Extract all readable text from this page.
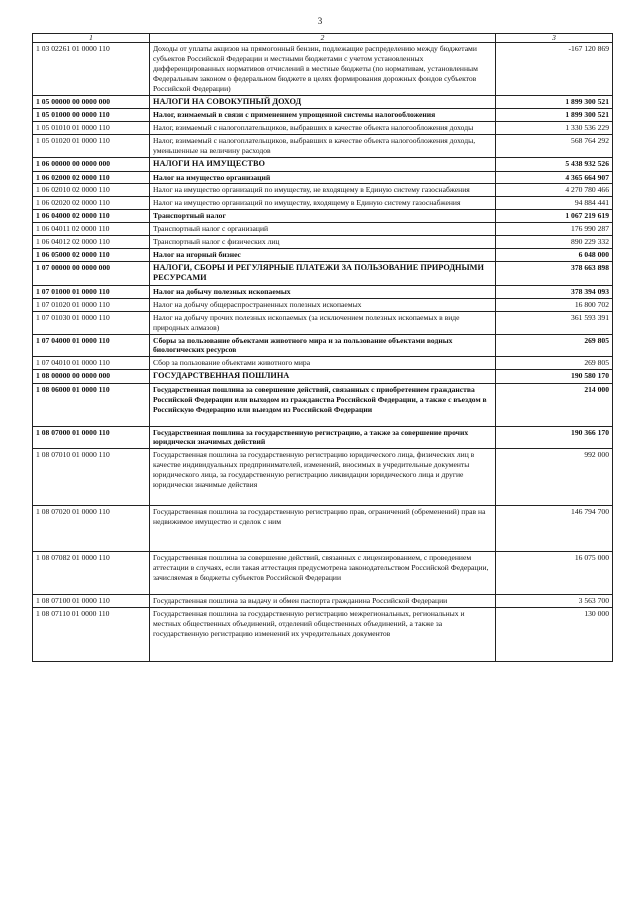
3
1	2	3
1 03 02261 01 0000 110	Доходы от уплаты акцизов на прямогонный бензин, подлежащие распределению между бюджетами субъектов Российской Федерации и местными бюджетами с учетом установленных дифференцированных нормативов отчислений в местные бюджеты (по нормативам, установленным Федеральным законом о федеральном бюджете в целях формирования дорожных фондов субъектов Российской Федерации)	-167 120 869
1 05 00000 00 0000 000	НАЛОГИ НА СОВОКУПНЫЙ ДОХОД	1 899 300 521
1 05 01000 00 0000 110	Налог, взимаемый в связи с применением упрощенной системы налогообложения	1 899 300 521
1 05 01010 01 0000 110	Налог, взимаемый с налогоплательщиков, выбравших в качестве объекта налогообложения доходы	1 330 536 229
1 05 01020 01 0000 110	Налог, взимаемый с налогоплательщиков, выбравших в качестве объекта налогообложения доходы, уменьшенные на величину расходов	568 764 292
1 06 00000 00 0000 000	НАЛОГИ НА ИМУЩЕСТВО	5 438 932 526
1 06 02000 02 0000 110	Налог на имущество организаций	4 365 664 907
1 06 02010 02 0000 110	Налог на имущество организаций по имуществу, не входящему в Единую систему газоснабжения	4 270 780 466
1 06 02020 02 0000 110	Налог на имущество организаций по имуществу, входящему в Единую систему газоснабжения	94 884 441
1 06 04000 02 0000 110	Транспортный налог	1 067 219 619
1 06 04011 02 0000 110	Транспортный налог с организаций	176 990 287
1 06 04012 02 0000 110	Транспортный налог с физических лиц	890 229 332
1 06 05000 02 0000 110	Налог на игорный бизнес	6 048 000
1 07 00000 00 0000 000	НАЛОГИ, СБОРЫ И РЕГУЛЯРНЫЕ ПЛАТЕЖИ ЗА ПОЛЬЗОВАНИЕ ПРИРОДНЫМИ РЕСУРСАМИ	378 663 898
1 07 01000 01 0000 110	Налог на добычу полезных ископаемых	378 394 093
1 07 01020 01 0000 110	Налог на добычу общераспространенных полезных ископаемых	16 800 702
1 07 01030 01 0000 110	Налог на добычу прочих полезных ископаемых (за исключением полезных ископаемых в виде природных алмазов)	361 593 391
1 07 04000 01 0000 110	Сборы за пользование объектами животного мира и за пользование объектами водных биологических ресурсов	269 805
1 07 04010 01 0000 110	Сбор за пользование объектами животного мира	269 805
1 08 00000 00 0000 000	ГОСУДАРСТВЕННАЯ ПОШЛИНА	190 580 170
1 08 06000 01 0000 110	Государственная пошлина за совершение действий, связанных с приобретением гражданства Российской Федерации или выходом из гражданства Российской Федерации, а также с въездом в Российскую Федерацию или выездом из Российской Федерации	214 000
1 08 07000 01 0000 110	Государственная пошлина за государственную регистрацию, а также за совершение прочих юридически значимых действий	190 366 170
1 08 07010 01 0000 110	Государственная пошлина за государственную регистрацию юридического лица, физических лиц в качестве индивидуальных предпринимателей, изменений, вносимых в учредительные документы юридического лица, за государственную регистрацию ликвидации юридического лица и другие юридически значимые действия	992 000
1 08 07020 01 0000 110	Государственная пошлина за государственную регистрацию прав, ограничений (обременений) прав на недвижимое имущество и сделок с ним	146 794 700
1 08 07082 01 0000 110	Государственная пошлина за совершение действий, связанных с лицензированием, с проведением аттестации в случаях, если такая аттестация предусмотрена законодательством Российской Федерации, зачисляемая в бюджеты субъектов Российской Федерации	16 075 000
1 08 07100 01 0000 110	Государственная пошлина за выдачу и обмен паспорта гражданина Российской Федерации	3 563 700
1 08 07110 01 0000 110	Государственная пошлина за государственную регистрацию межрегиональных, региональных и местных общественных объединений, отделений общественных объединений, а также за государственную регистрацию изменений их учредительных документов	130 000
